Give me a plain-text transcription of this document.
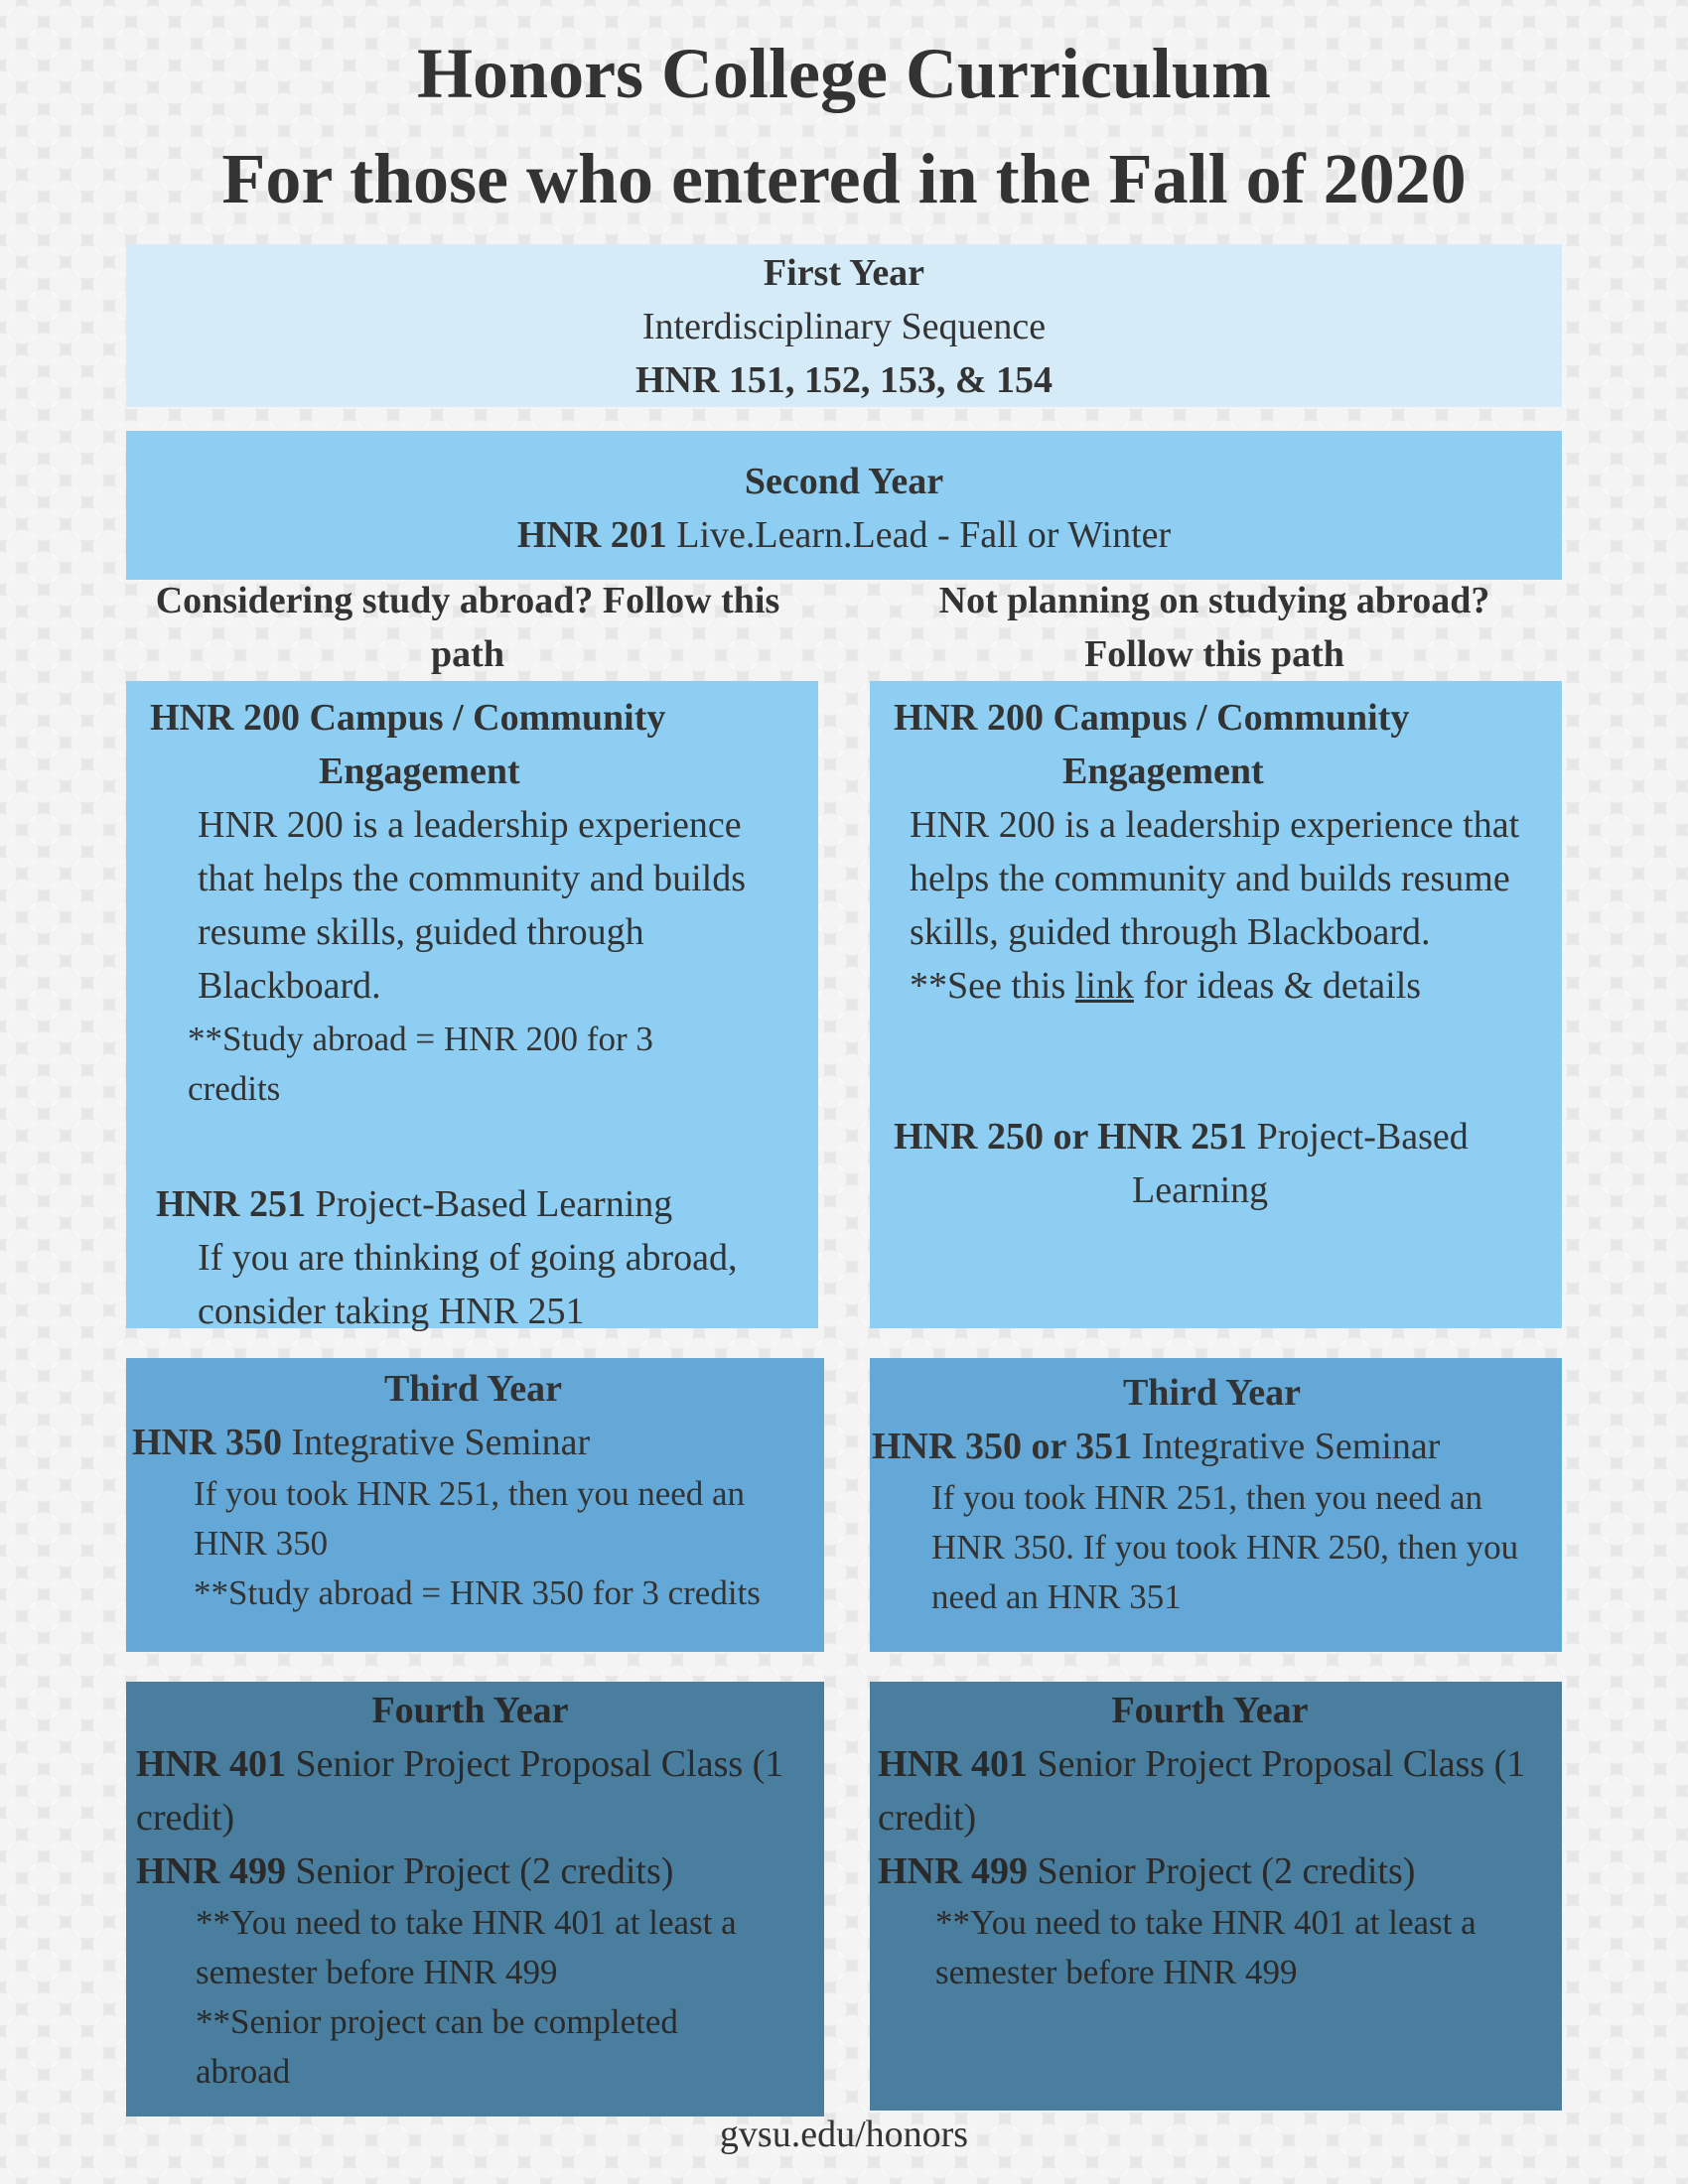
Honors College Curriculum
For those who entered in the Fall of 2020
First Year
Interdisciplinary Sequence
HNR 151, 152, 153, & 154
Second Year
HNR 201 Live.Learn.Lead - Fall or Winter
Considering study abroad? Follow this path
Not planning on studying abroad?
Follow this path
HNR 200 Campus / Community
Engagement
HNR 200 is a leadership experience that helps the community and builds resume skills, guided through Blackboard.
**Study abroad = HNR 200 for 3 credits
HNR 251 Project-Based Learning
If you are thinking of going abroad, consider taking HNR 251
HNR 200 Campus / Community
Engagement
HNR 200 is a leadership experience that helps the community and builds resume skills, guided through Blackboard.
**See this link for ideas & details
HNR 250 or HNR 251 Project-Based
Learning
Third Year
HNR 350 Integrative Seminar
If you took HNR 251, then you need an HNR 350
**Study abroad = HNR 350 for 3 credits
Third Year
HNR 350 or 351 Integrative Seminar
If you took HNR 251, then you need an HNR 350. If you took HNR 250, then you need an HNR 351
Fourth Year
HNR 401 Senior Project Proposal Class (1 credit)
HNR 499 Senior Project (2 credits)
**You need to take HNR 401 at least a semester before HNR 499
**Senior project can be completed abroad
Fourth Year
HNR 401 Senior Project Proposal Class (1 credit)
HNR 499 Senior Project (2 credits)
**You need to take HNR 401 at least a semester before HNR 499
gvsu.edu/honors
